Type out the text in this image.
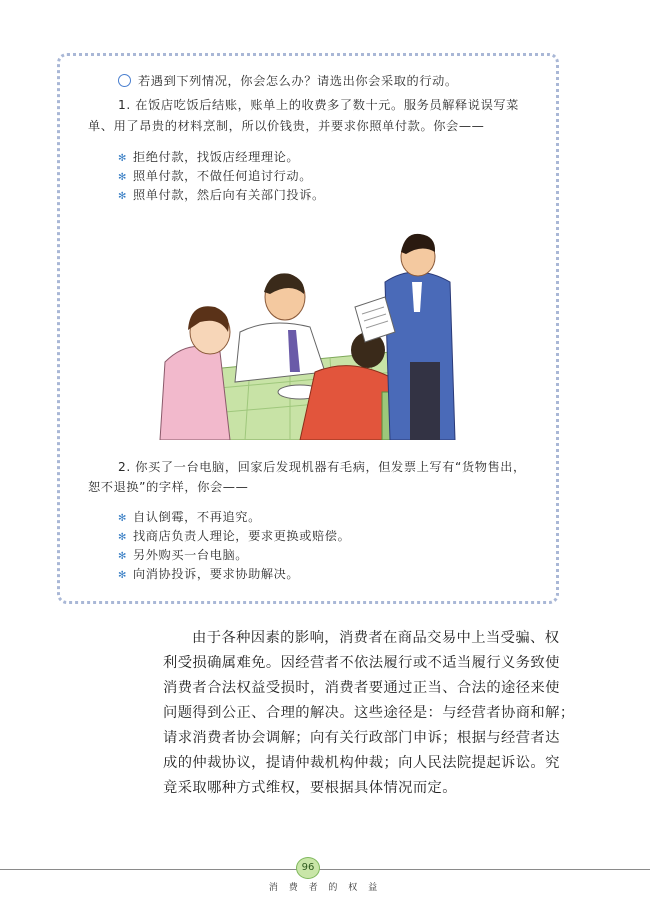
若遇到下列情况，你会怎么办？请选出你会采取的行动。
1. 在饭店吃饭后结账，账单上的收费多了数十元。服务员解释说误写菜
单、用了昂贵的材料烹制，所以价钱贵，并要求你照单付款。你会——
✻ 拒绝付款，找饭店经理理论。
✻ 照单付款，不做任何追讨行动。
✻ 照单付款，然后向有关部门投诉。
2. 你买了一台电脑，回家后发现机器有毛病，但发票上写有“货物售出，
恕不退换”的字样，你会——
✻ 自认倒霉，不再追究。
✻ 找商店负责人理论，要求更换或赔偿。
✻ 另外购买一台电脑。
✻ 向消协投诉，要求协助解决。
由于各种因素的影响，消费者在商品交易中上当受骗、权
利受损确属难免。因经营者不依法履行或不适当履行义务致使
消费者合法权益受损时，消费者要通过正当、合法的途径来使
问题得到公正、合理的解决。这些途径是：与经营者协商和解；
请求消费者协会调解；向有关行政部门申诉；根据与经营者达
成的仲裁协议，提请仲裁机构仲裁；向人民法院提起诉讼。究
竟采取哪种方式维权，要根据具体情况而定。
96
消 费 者 的 权 益
